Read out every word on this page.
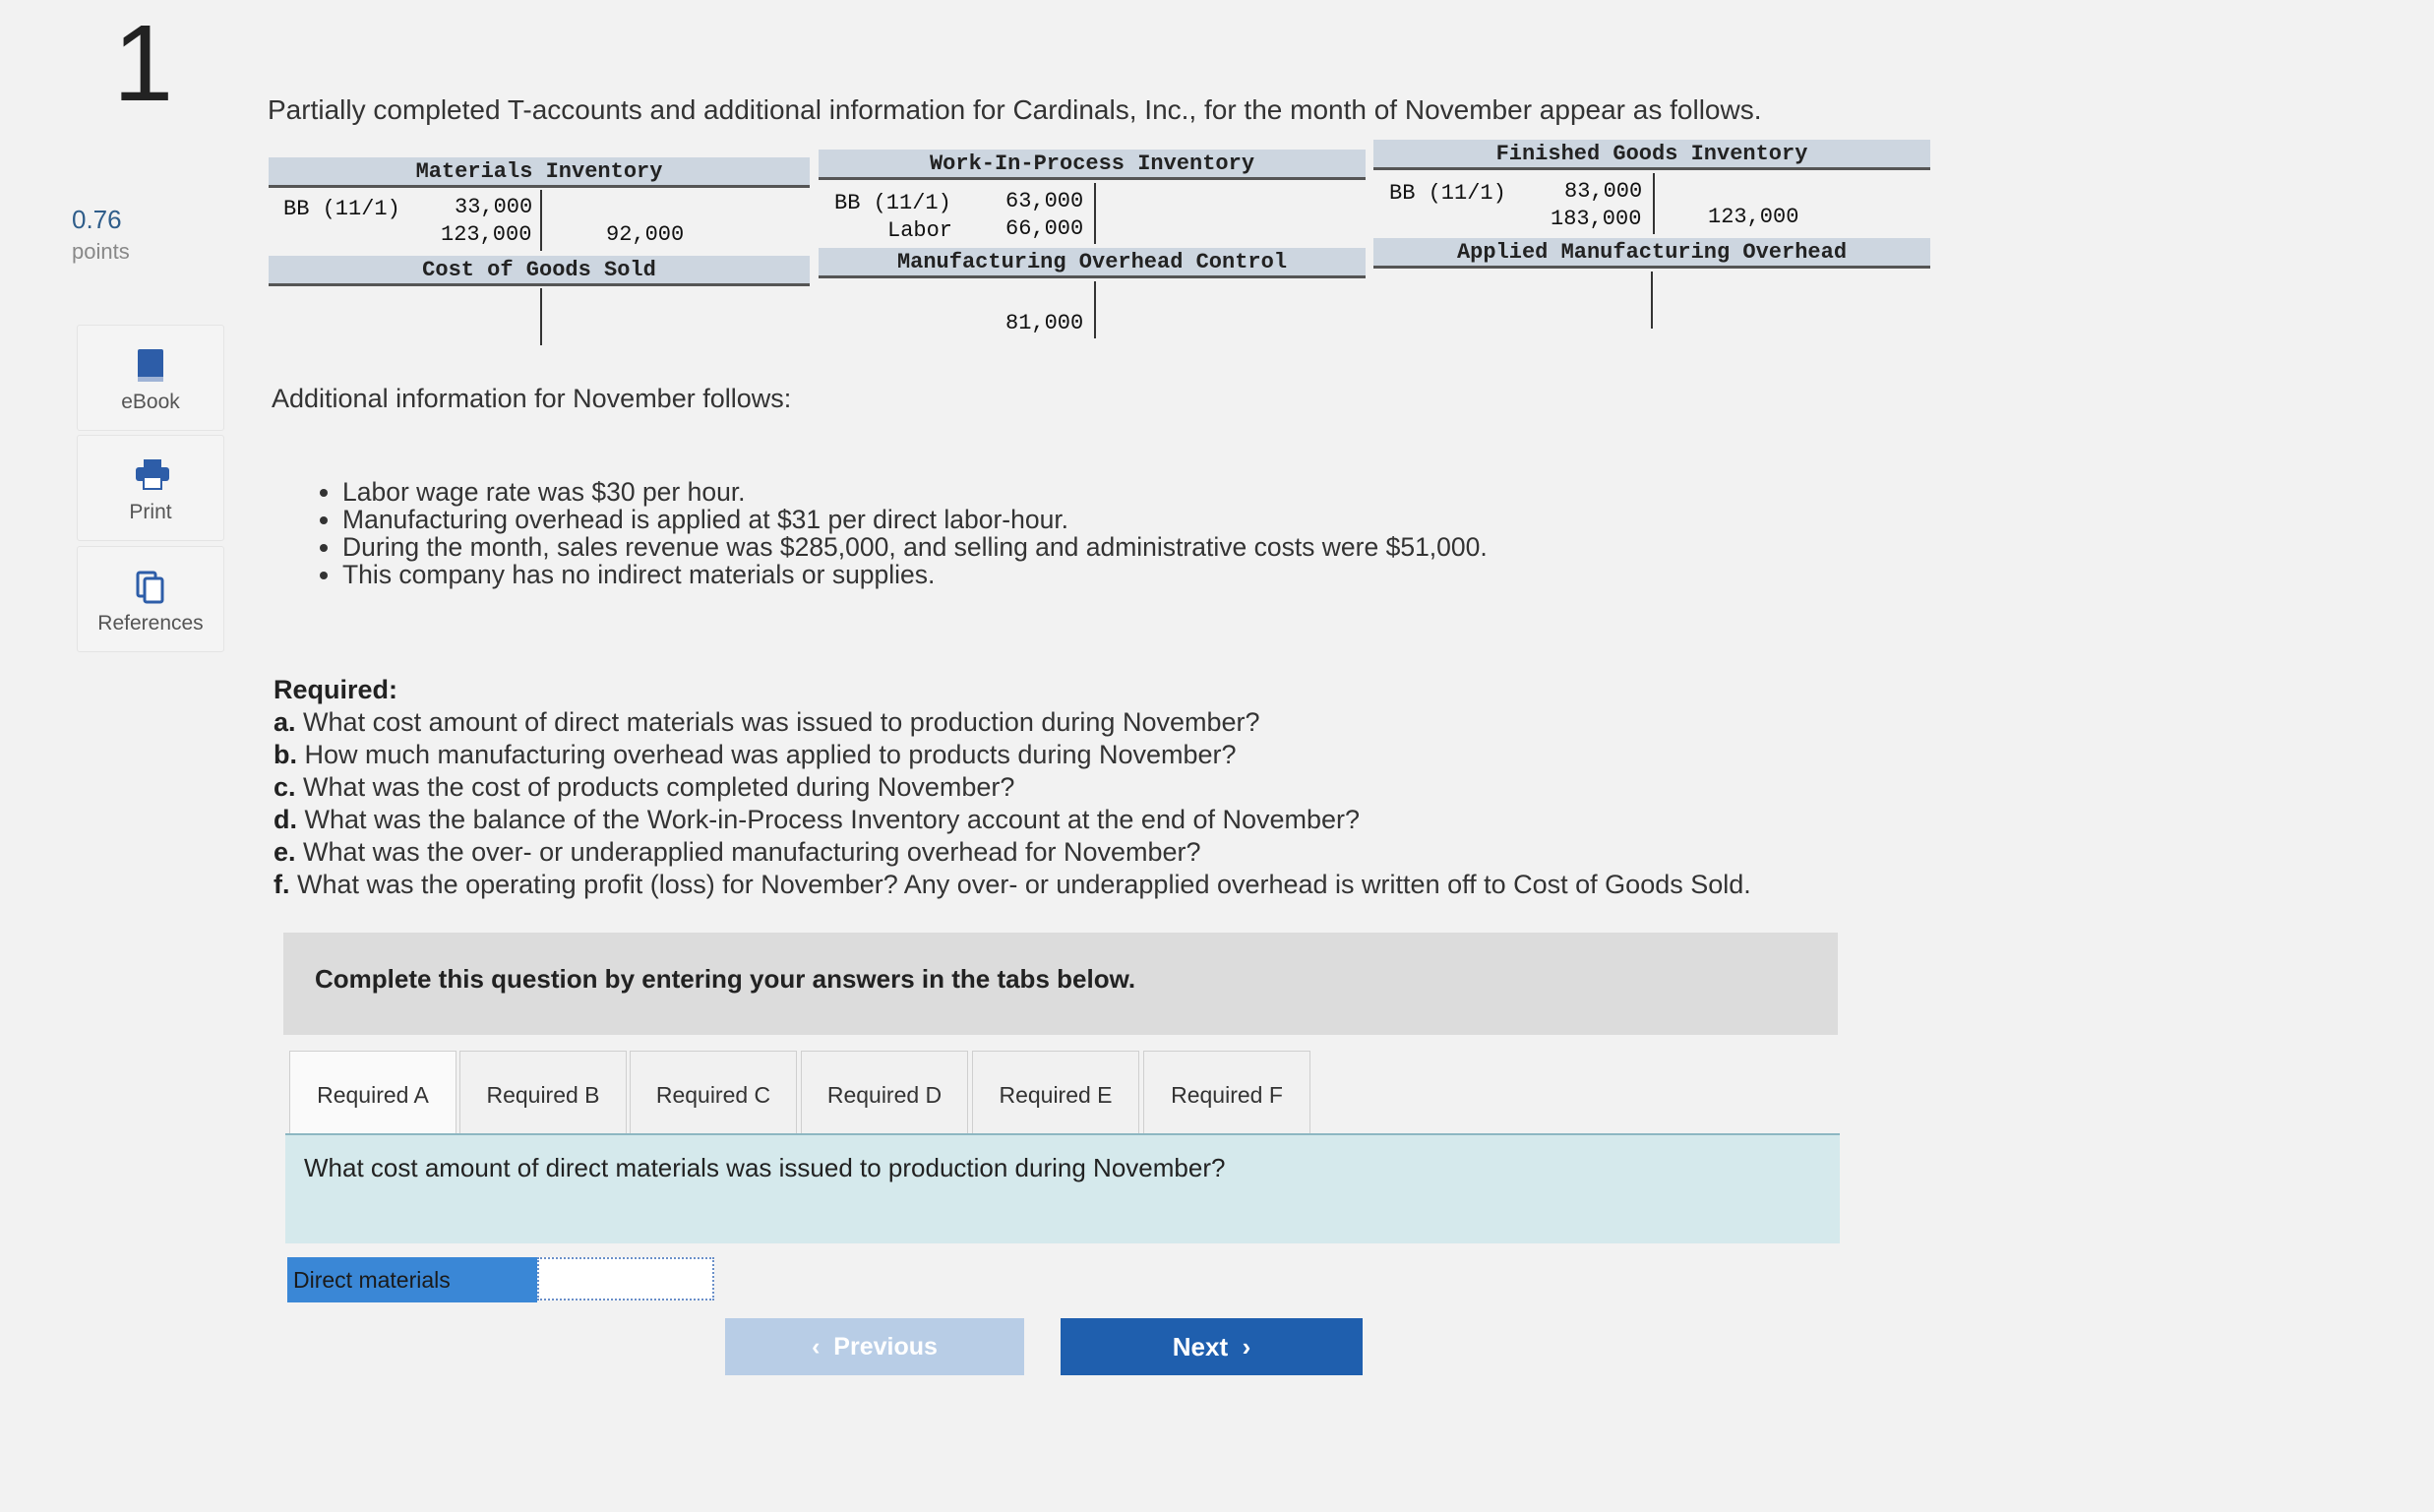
1
0.76
points
eBook
Print
References
Partially completed T-accounts and additional information for Cardinals, Inc., for the month of November appear as follows.
Materials Inventory
BB (11/1)	33,000
123,000	92,000
Work-In-Process Inventory
BB (11/1)	63,000
Labor 66,000
Finished Goods Inventory
BB (11/1)	83,000
183,000	123,000
Cost of Goods Sold	Manufacturing Overhead Control
81,000
Applied Manufacturing Overhead
Additional information for November follows:
• Labor wage rate was $30 per hour.
• Manufacturing overhead is applied at $31 per direct labor-hour.
• During the month, sales revenue was $285,000, and selling and administrative costs were $51,000.
• This company has no indirect materials or supplies.
Required:
a. What cost amount of direct materials was issued to production during November?
b. How much manufacturing overhead was applied to products during November?
c. What was the cost of products completed during November?
d. What was the balance of the Work-in-Process Inventory account at the end of November?
e. What was the over- or underapplied manufacturing overhead for November?
f. What was the operating profit (loss) for November? Any over- or underapplied overhead is written off to Cost of Goods Sold.
Complete this question by entering your answers in the tabs below.
Required A	Required B	Required C	Required D	Required E	Required F
What cost amount of direct materials was issued to production during November?
Direct materials
‹  Previous	Next  ›
